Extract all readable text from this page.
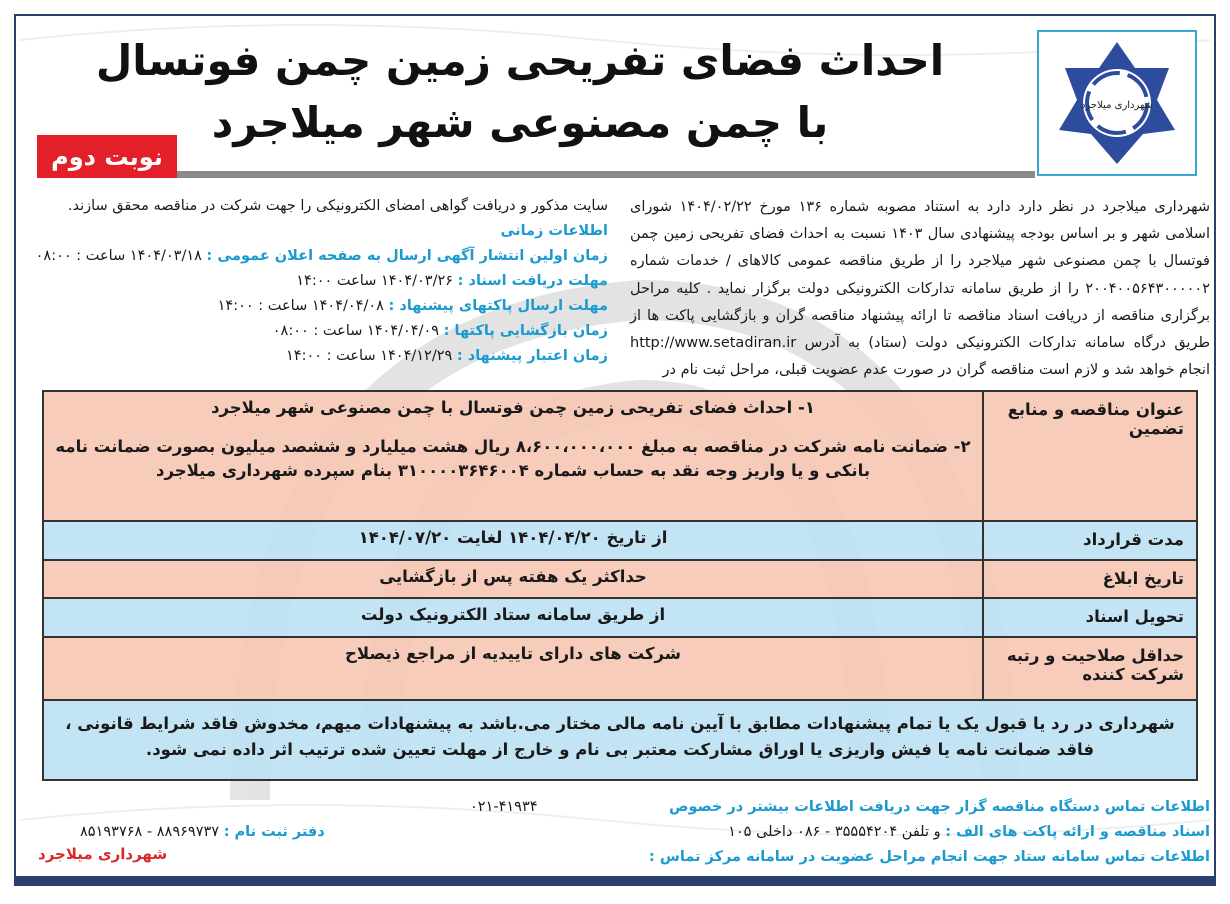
شهرداری میلاجرد
احداث فضای تفریحی زمین چمن فوتسال
با چمن مصنوعی شهر میلاجرد
نوبت دوم
شهرداری میلاجرد در نظر دارد دارد به استناد مصوبه شماره ۱۳۶ مورخ ۱۴۰۴/۰۲/۲۲ شورای اسلامی شهر و بر اساس بودجه پیشنهادی سال ۱۴۰۳ نسبت به احداث فضای تفریحی زمین چمن فوتسال با چمن مصنوعی شهر میلاجرد را از طریق مناقصه عمومی کالاهای / خدمات شماره ۲۰۰۴۰۰۵۶۴۳۰۰۰۰۰۲ را از طریق سامانه تدارکات الکترونیکی دولت برگزار نماید . کلیه مراحل برگزاری مناقصه از دریافت اسناد مناقصه تا ارائه پیشنهاد مناقصه گران و بازگشایی پاکت ها از طریق درگاه سامانه تدارکات الکترونیکی دولت (ستاد) به آدرس http://www.setadiran.ir انجام خواهد شد و لازم است مناقصه گران در صورت عدم عضویت قبلی، مراحل ثبت نام در
سایت مذکور و دریافت گواهی امضای الکترونیکی را جهت شرکت در مناقصه محقق سازند.
اطلاعات زمانی
زمان اولین انتشار آگهی ارسال به صفحه اعلان عمومی : ۱۴۰۴/۰۳/۱۸ ساعت : ۰۸:۰۰
مهلت دریافت اسناد : ۱۴۰۴/۰۳/۲۶ ساعت ۱۴:۰۰
مهلت ارسال پاکتهای پیشنهاد : ۱۴۰۴/۰۴/۰۸ ساعت : ۱۴:۰۰
زمان بازگشایی پاکتها : ۱۴۰۴/۰۴/۰۹ ساعت : ۰۸:۰۰
زمان اعتبار پیشنهاد : ۱۴۰۴/۱۲/۲۹ ساعت : ۱۴:۰۰
عنوان مناقصه و منابع تضمین	۱- احداث فضای تفریحی زمین چمن فوتسال با چمن مصنوعی شهر میلاجرد
۲- ضمانت نامه شرکت در مناقصه به مبلغ ۸،۶۰۰،۰۰۰،۰۰۰ ریال هشت میلیارد و ششصد میلیون بصورت ضمانت نامه بانکی و یا واریز وجه نقد به حساب شماره ۳۱۰۰۰۰۳۶۴۶۰۰۴ بنام سپرده شهرداری میلاجرد

مدت قرارداد	از تاریخ ۱۴۰۴/۰۴/۲۰ لغایت ۱۴۰۴/۰۷/۲۰
تاریخ ابلاغ	حداکثر یک هفته پس از بازگشایی
تحویل اسناد	از طریق سامانه ستاد الکترونیک دولت
حداقل صلاحیت و رتبه شرکت کننده	شرکت های دارای تاییدیه از مراجع ذیصلاح
شهرداری در رد یا قبول یک یا تمام پیشنهادات مطابق با آیین نامه مالی مختار می.باشد به پیشنهادات میهم، مخدوش فاقد شرایط قانونی ، فاقد ضمانت نامه یا فیش واریزی یا اوراق مشارکت معتبر بی نام و خارج از مهلت تعیین شده ترتیب اثر داده نمی شود.	
اطلاعات تماس دستگاه مناقصه گزار جهت دریافت اطلاعات بیشتر در خصوص
۰۲۱-۴۱۹۳۴
اسناد مناقصه و ارائه پاکت های الف : و تلفن ۳۵۵۵۴۲۰۴ - ۰۸۶ داخلی ۱۰۵
دفتر ثبت نام : ۸۸۹۶۹۷۳۷ - ۸۵۱۹۳۷۶۸
اطلاعات تماس سامانه ستاد جهت انجام مراحل عضویت در سامانه مرکز تماس :
شهرداری میلاجرد
